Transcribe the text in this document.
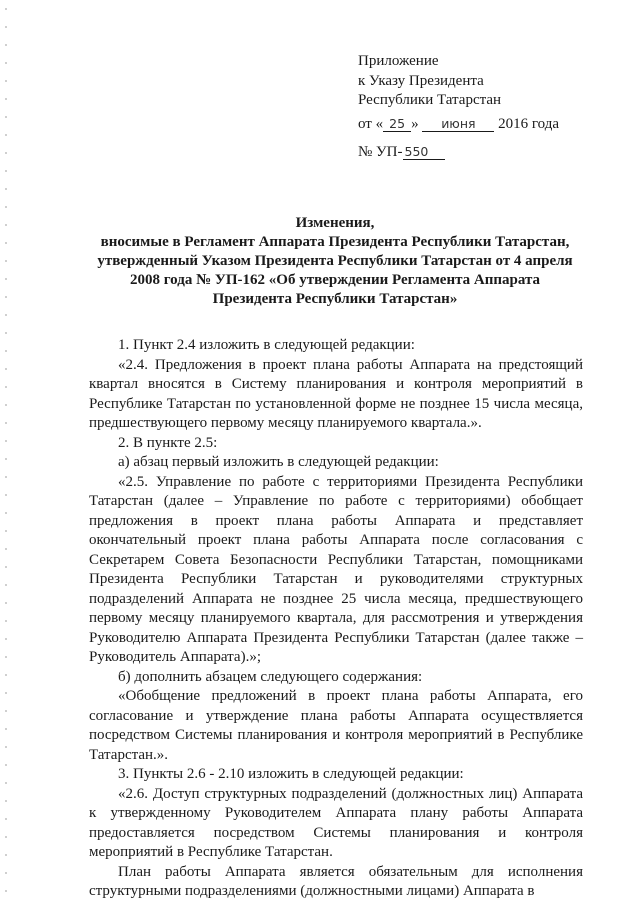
Приложение
к Указу Президента
Республики Татарстан
от « 25 » июня 2016 года
№ УП- 550
Изменения,
вносимые в Регламент Аппарата Президента Республики Татарстан,
утвержденный Указом Президента Республики Татарстан от 4 апреля
2008 года № УП-162 «Об утверждении Регламента Аппарата
Президента Республики Татарстан»

1. Пункт 2.4 изложить в следующей редакции:

«2.4. Предложения в проект плана работы Аппарата на предстоящий квартал вносятся в Систему планирования и контроля мероприятий в Республике Татарстан по установленной форме не позднее 15 числа месяца, предшествующего первому месяцу планируемого квартала.».

2. В пункте 2.5:

а) абзац первый изложить в следующей редакции:

«2.5. Управление по работе с территориями Президента Республики Татарстан (далее – Управление по работе с территориями) обобщает предложения в проект плана работы Аппарата и представляет окончательный проект плана работы Аппарата после согласования с Секретарем Совета Безопасности Республики Татарстан, помощниками Президента Республики Татарстан и руководителями структурных подразделений Аппарата не позднее 25 числа месяца, предшествующего первому месяцу планируемого квартала, для рассмотрения и утверждения Руководителю Аппарата Президента Республики Татарстан (далее также – Руководитель Аппарата).»;

б) дополнить абзацем следующего содержания:

«Обобщение предложений в проект плана работы Аппарата, его согласование и утверждение плана работы Аппарата осуществляется посредством Системы планирования и контроля мероприятий в Республике Татарстан.».

3. Пункты 2.6 - 2.10 изложить в следующей редакции:

«2.6. Доступ структурных подразделений (должностных лиц) Аппарата к утвержденному Руководителем Аппарата плану работы Аппарата предоставляется посредством Системы планирования и контроля мероприятий в Республике Татарстан.

План работы Аппарата является обязательным для исполнения структурными подразделениями (должностными лицами) Аппарата в
